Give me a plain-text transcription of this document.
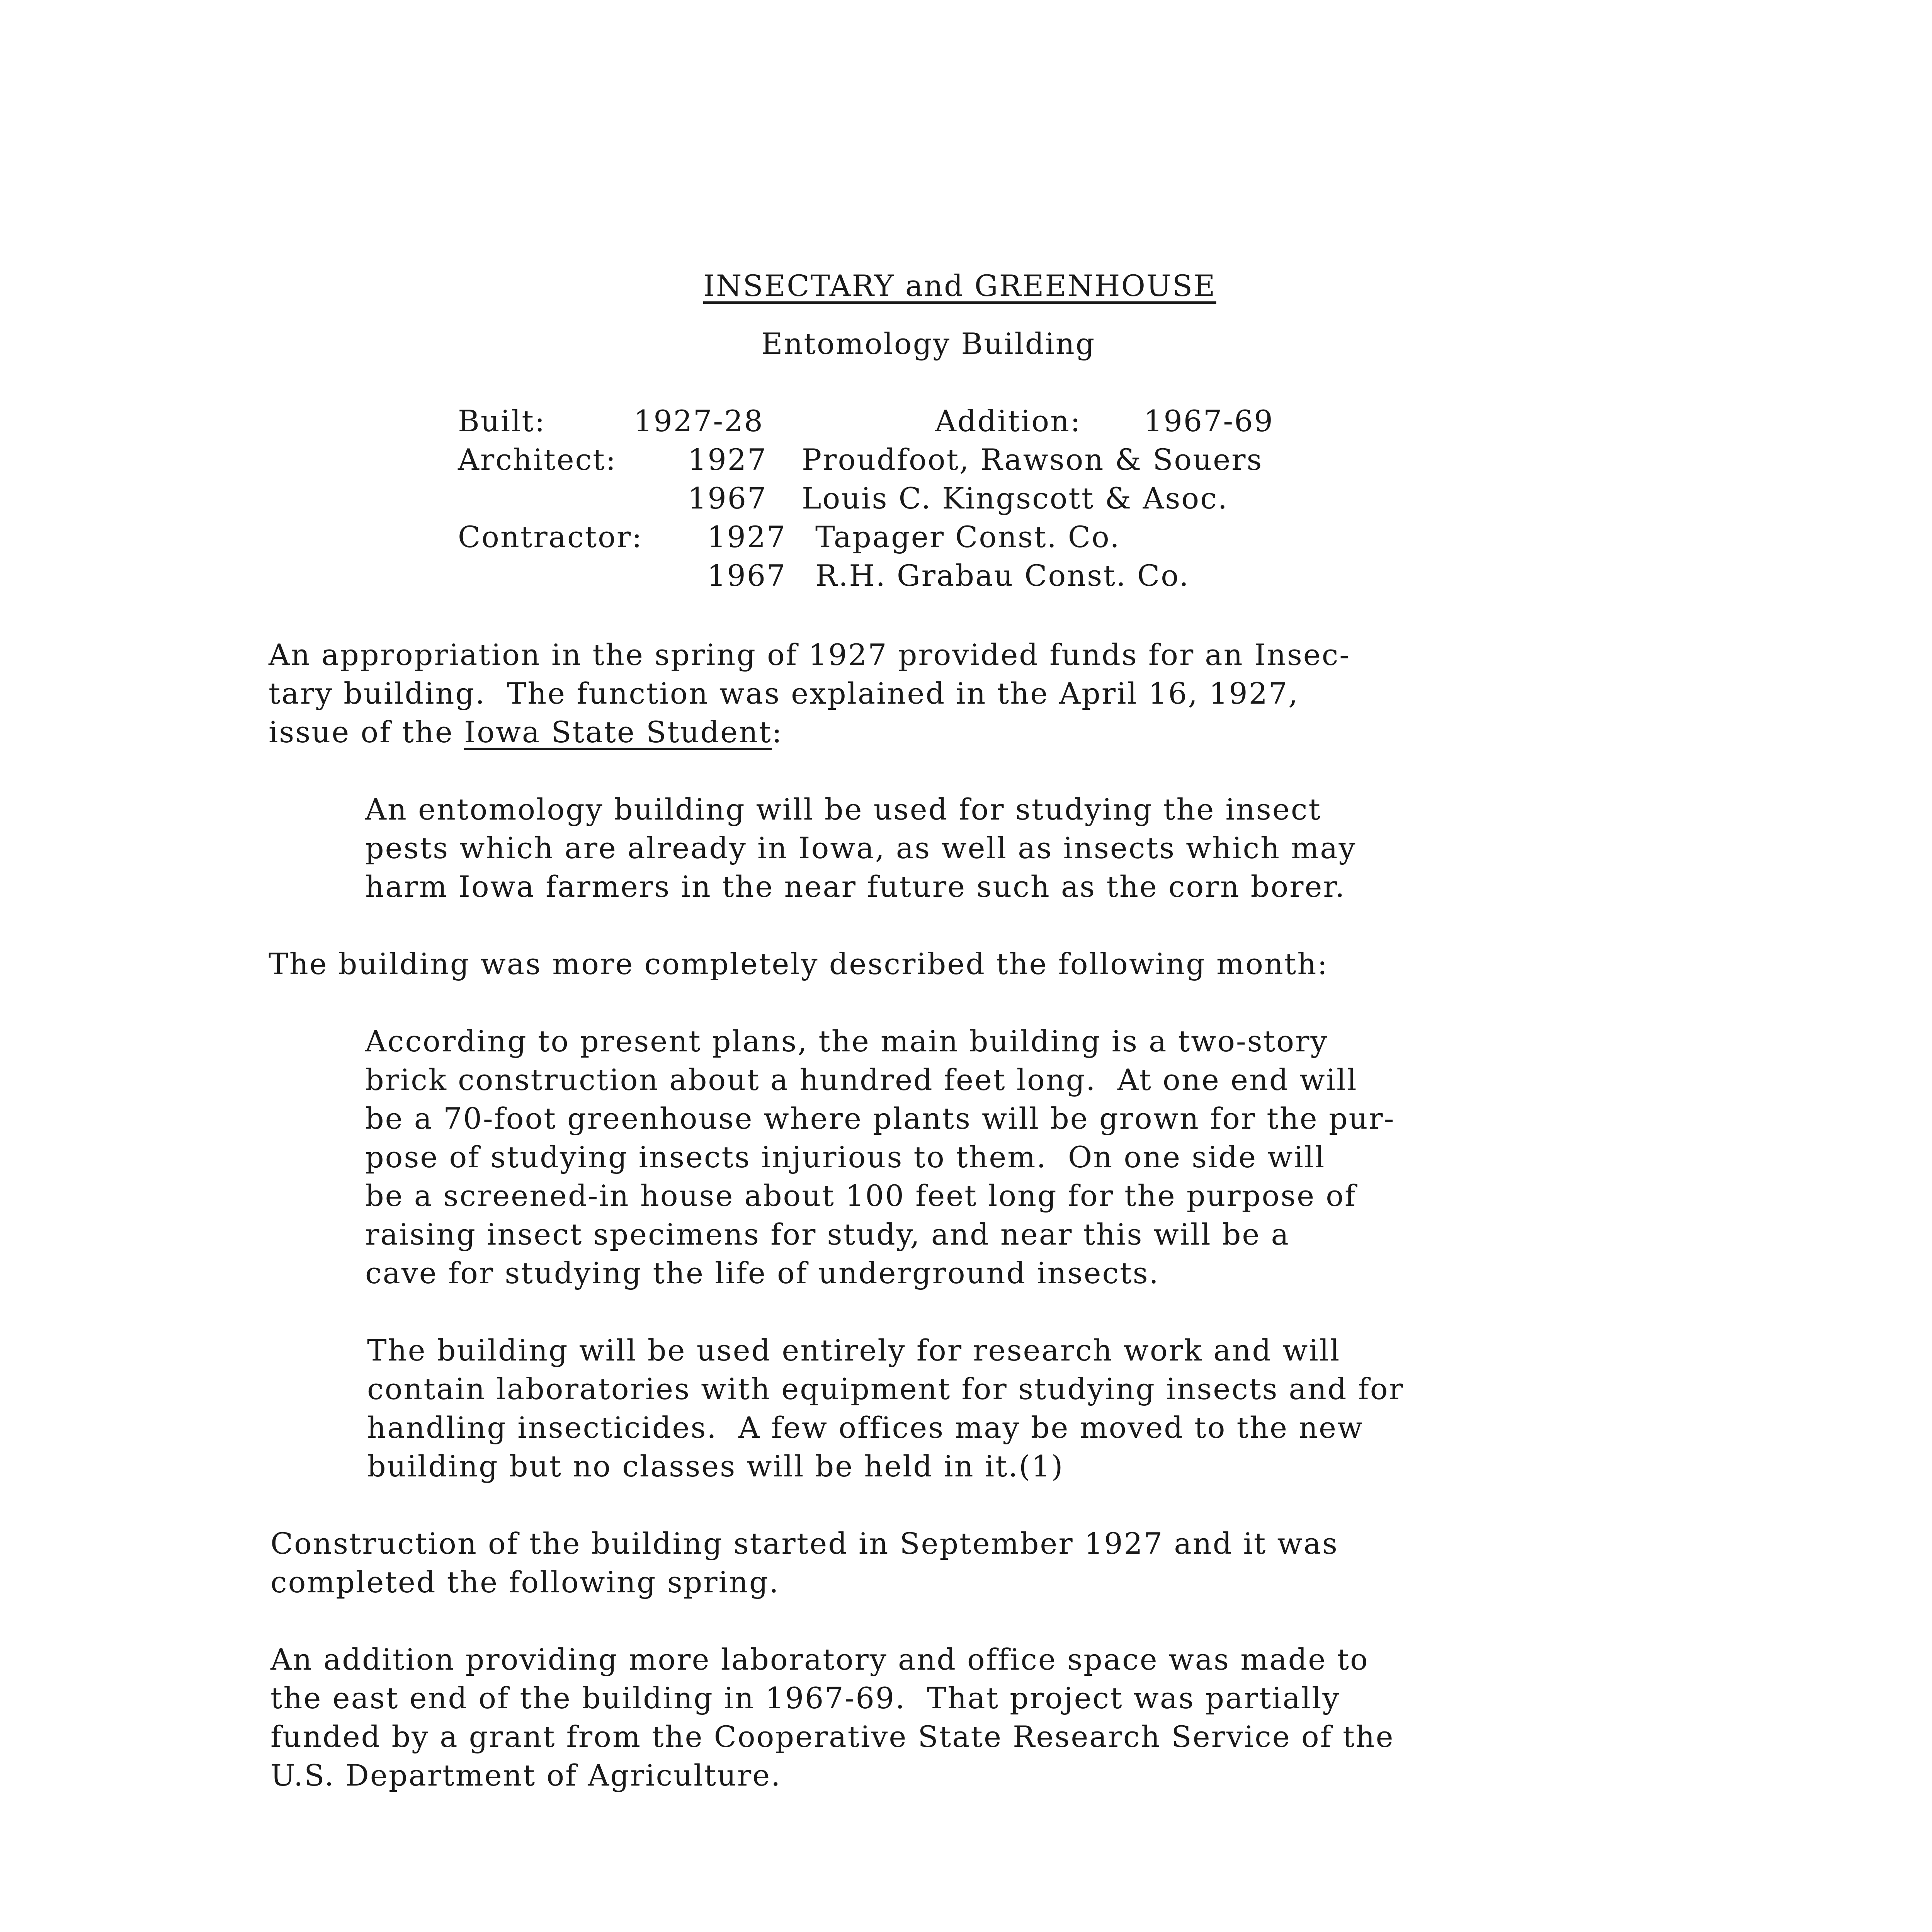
INSECTARY and GREENHOUSE
Entomology Building
Built:	1927-28	Addition: 1967-69
Architect: 1927 Proudfoot, Rawson & Souers
1967 Louis C. Kingscott & Asoc.
Contractor: 1927 Tapager Const. Co.
1967 R.H. Grabau Const. Co.
An appropriation in the spring of 1927 provided funds for an Insec-
tary building.  The function was explained in the April 16, 1927,
issue of the Iowa State Student:
An entomology building will be used for studying the insect
pests which are already in Iowa, as well as insects which may
harm Iowa farmers in the near future such as the corn borer.
The building was more completely described the following month:
According to present plans, the main building is a two-story
brick construction about a hundred feet long.  At one end will
be a 70-foot greenhouse where plants will be grown for the pur-
pose of studying insects injurious to them.  On one side will
be a screened-in house about 100 feet long for the purpose of
raising insect specimens for study, and near this will be a
cave for studying the life of underground insects.
The building will be used entirely for research work and will
contain laboratories with equipment for studying insects and for
handling insecticides.  A few offices may be moved to the new
building but no classes will be held in it.(1)
Construction of the building started in September 1927 and it was
completed the following spring.
An addition providing more laboratory and office space was made to
the east end of the building in 1967-69.  That project was partially
funded by a grant from the Cooperative State Research Service of the
U.S. Department of Agriculture.
